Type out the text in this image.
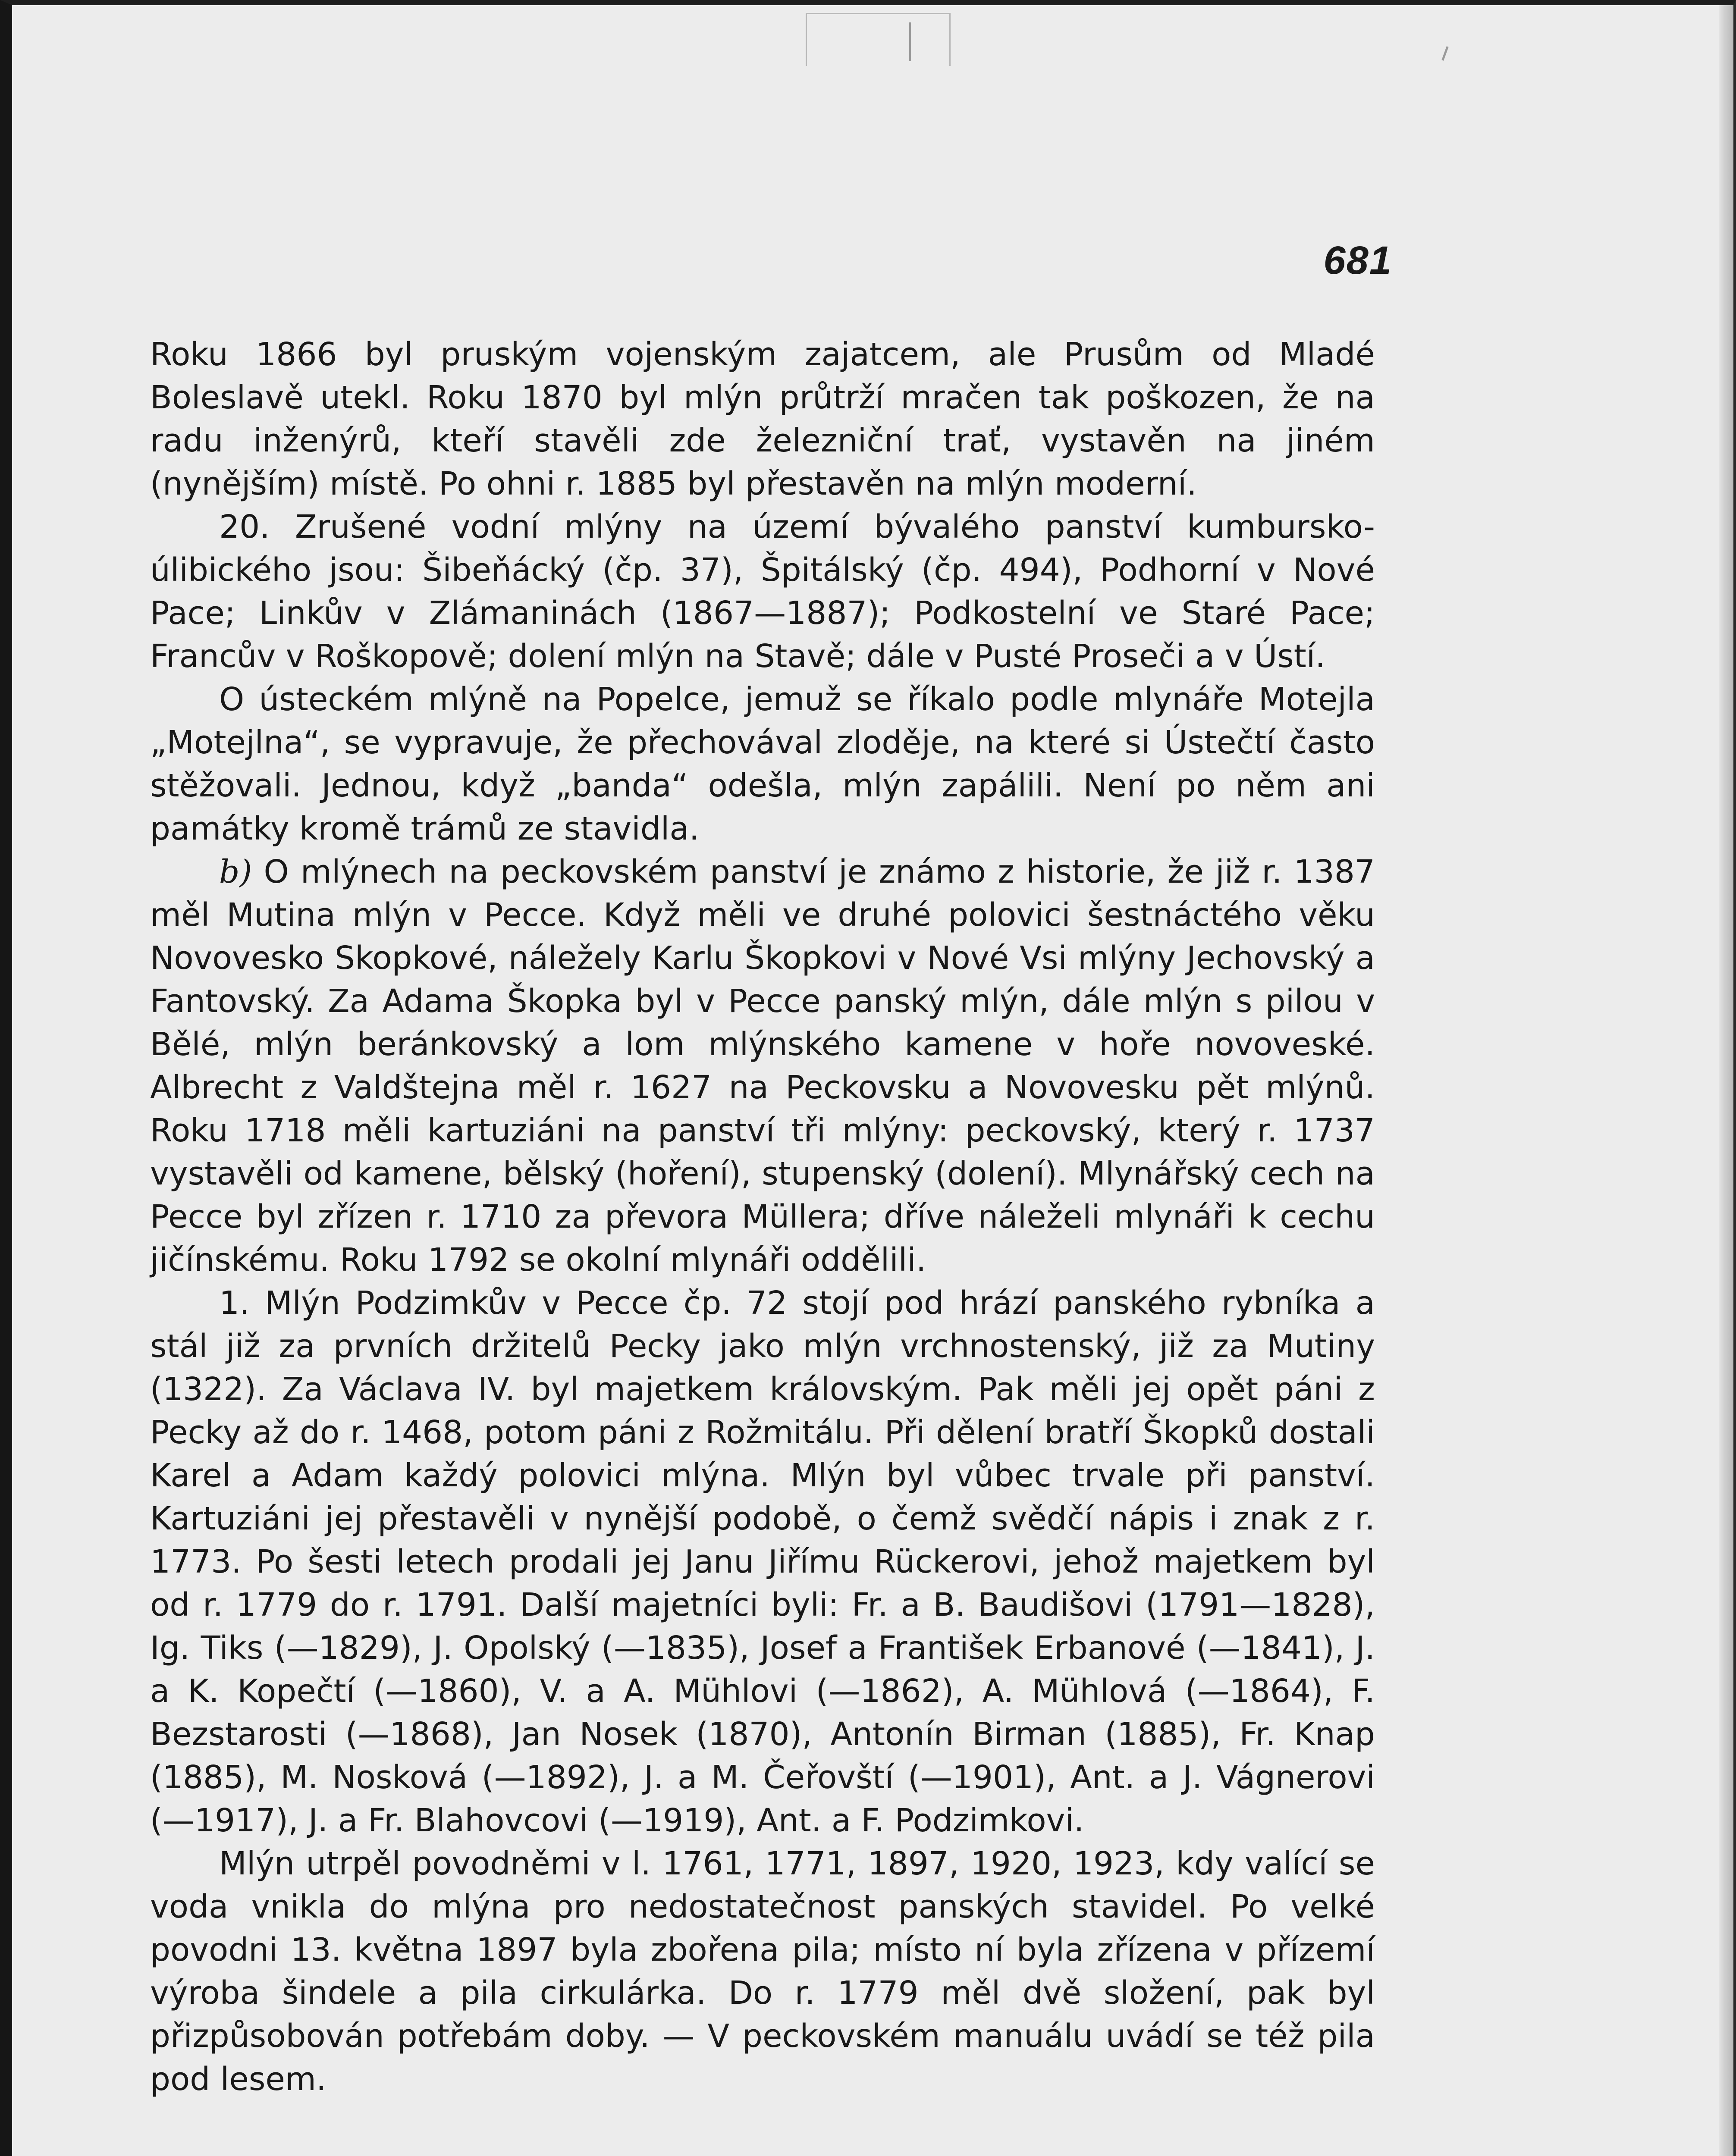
681

Roku 1866 byl pruským vojenským zajatcem, ale Prusům od Mladé Boleslavě utekl. Roku 1870 byl mlýn průtrží mračen tak poškozen, že na radu inženýrů, kteří stavěli zde železniční trať, vystavěn na jiném (nynějším) místě. Po ohni r. 1885 byl přestavěn na mlýn moderní.

20. Zrušené vodní mlýny na území bývalého panství kumbursko-úlibického jsou: Šibeňácký (čp. 37), Špitálský (čp. 494), Podhorní v Nové Pace; Linkův v Zlámaninách (1867—1887); Podkostelní ve Staré Pace; Francův v Roškopově; dolení mlýn na Stavě; dále v Pusté Proseči a v Ústí.

O ústeckém mlýně na Popelce, jemuž se říkalo podle mlynáře Motejla „Motejlna“, se vypravuje, že přechovával zloděje, na které si Ústečtí často stěžovali. Jednou, když „banda“ odešla, mlýn zapálili. Není po něm ani památky kromě trámů ze stavidla.

b) O mlýnech na peckovském panství je známo z historie, že již r. 1387 měl Mutina mlýn v Pecce. Když měli ve druhé polovici šestnáctého věku Novovesko Skopkové, náležely Karlu Škopkovi v Nové Vsi mlýny Jechovský a Fantovský. Za Adama Škopka byl v Pecce panský mlýn, dále mlýn s pilou v Bělé, mlýn beránkovský a lom mlýnského kamene v hoře novoveské. Albrecht z Valdštejna měl r. 1627 na Peckovsku a Novovesku pět mlýnů. Roku 1718 měli kartuziáni na panství tři mlýny: peckovský, který r. 1737 vystavěli od kamene, bělský (hoření), stupenský (dolení). Mlynářský cech na Pecce byl zřízen r. 1710 za převora Müllera; dříve náleželi mlynáři k cechu jičínskému. Roku 1792 se okolní mlynáři oddělili.

1. Mlýn Podzimkův v Pecce čp. 72 stojí pod hrází panského rybníka a stál již za prvních držitelů Pecky jako mlýn vrchnostenský, již za Mutiny (1322). Za Václava IV. byl majetkem královským. Pak měli jej opět páni z Pecky až do r. 1468, potom páni z Rožmitálu. Při dělení bratří Škopků dostali Karel a Adam každý polovici mlýna. Mlýn byl vůbec trvale při panství. Kartuziáni jej přestavěli v nynější podobě, o čemž svědčí nápis i znak z r. 1773. Po šesti letech prodali jej Janu Jiřímu Rückerovi, jehož majetkem byl od r. 1779 do r. 1791. Další majetníci byli: Fr. a B. Baudišovi (1791—1828), Ig. Tiks (—1829), J. Opolský (—1835), Josef a František Erbanové (—1841), J. a K. Kopečtí (—1860), V. a A. Mühlovi (—1862), A. Mühlová (—1864), F. Bezstarosti (—1868), Jan Nosek (1870), Antonín Birman (1885), Fr. Knap (1885), M. Nosková (—1892), J. a M. Čeřovští (—1901), Ant. a J. Vágnerovi (—1917), J. a Fr. Blahovcovi (—1919), Ant. a F. Podzimkovi.

Mlýn utrpěl povodněmi v l. 1761, 1771, 1897, 1920, 1923, kdy valící se voda vnikla do mlýna pro nedostatečnost panských stavidel. Po velké povodni 13. května 1897 byla zbořena pila; místo ní byla zřízena v přízemí výroba šindele a pila cirkulárka. Do r. 1779 měl dvě složení, pak byl přizpůsobován potřebám doby. — V peckovském manuálu uvádí se též pila pod lesem.
